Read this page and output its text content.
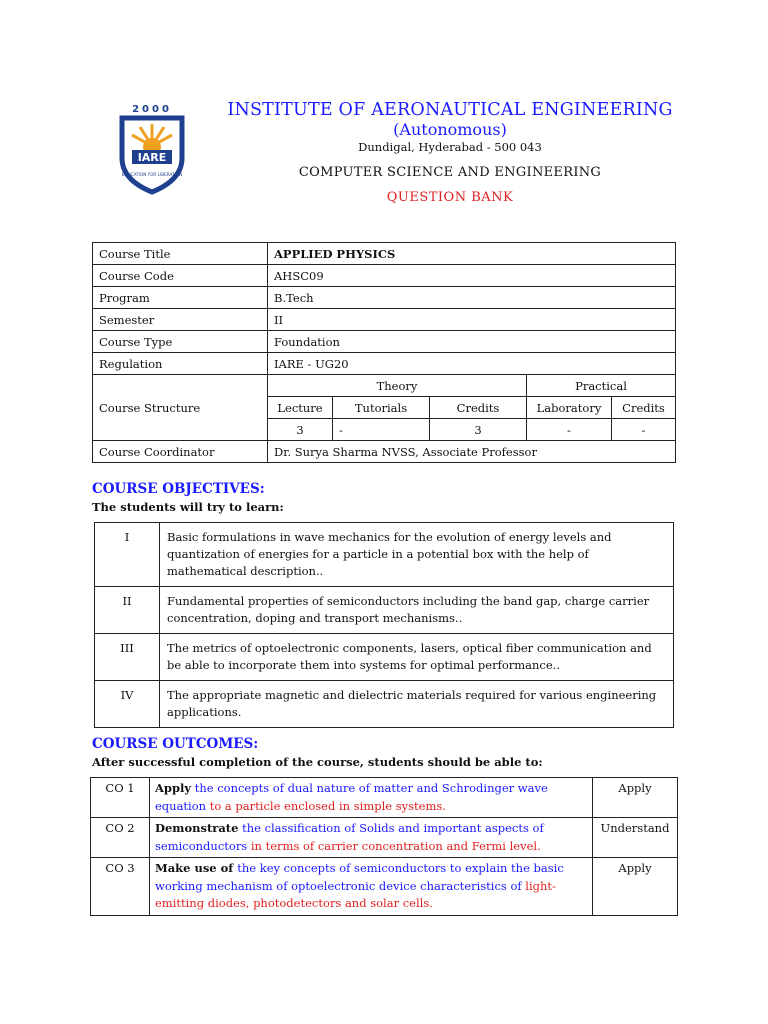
2000
IARE
EDUCATION FOR LIBERATION
INSTITUTE OF AERONAUTICAL ENGINEERING
(Autonomous)
Dundigal, Hyderabad - 500 043
COMPUTER SCIENCE AND ENGINEERING
QUESTION BANK
Course Title	APPLIED PHYSICS				
Course Code	AHSC09				
Program	B.Tech				
Semester	II				
Course Type	Foundation				
Regulation	IARE - UG20				
Course Structure	Theory			Practical	
	Lecture	Tutorials	Credits	Laboratory	Credits
	3	-	3	-	-
Course Coordinator	Dr. Surya Sharma NVSS, Associate Professor				
COURSE OBJECTIVES:
The students will try to learn:
I	Basic formulations in wave mechanics for the evolution of energy levels and quantization of energies for a particle in a potential box with the help of mathematical description..
II	Fundamental properties of semiconductors including the band gap, charge carrier concentration, doping and transport mechanisms..
III	The metrics of optoelectronic components, lasers, optical fiber communication and be able to incorporate them into systems for optimal performance..
IV	The appropriate magnetic and dielectric materials required for various engineering applications.
COURSE OUTCOMES:
After successful completion of the course, students should be able to:
CO 1	Apply the concepts of dual nature of matter and Schrodinger wave equation to a particle enclosed in simple systems.	Apply
CO 2	Demonstrate the classification of Solids and important aspects of semiconductors in terms of carrier concentration and Fermi level.	Understand
CO 3	Make use of the key concepts of semiconductors to explain the basic working mechanism of optoelectronic device characteristics of light-emitting diodes, photodetectors and solar cells.	Apply
